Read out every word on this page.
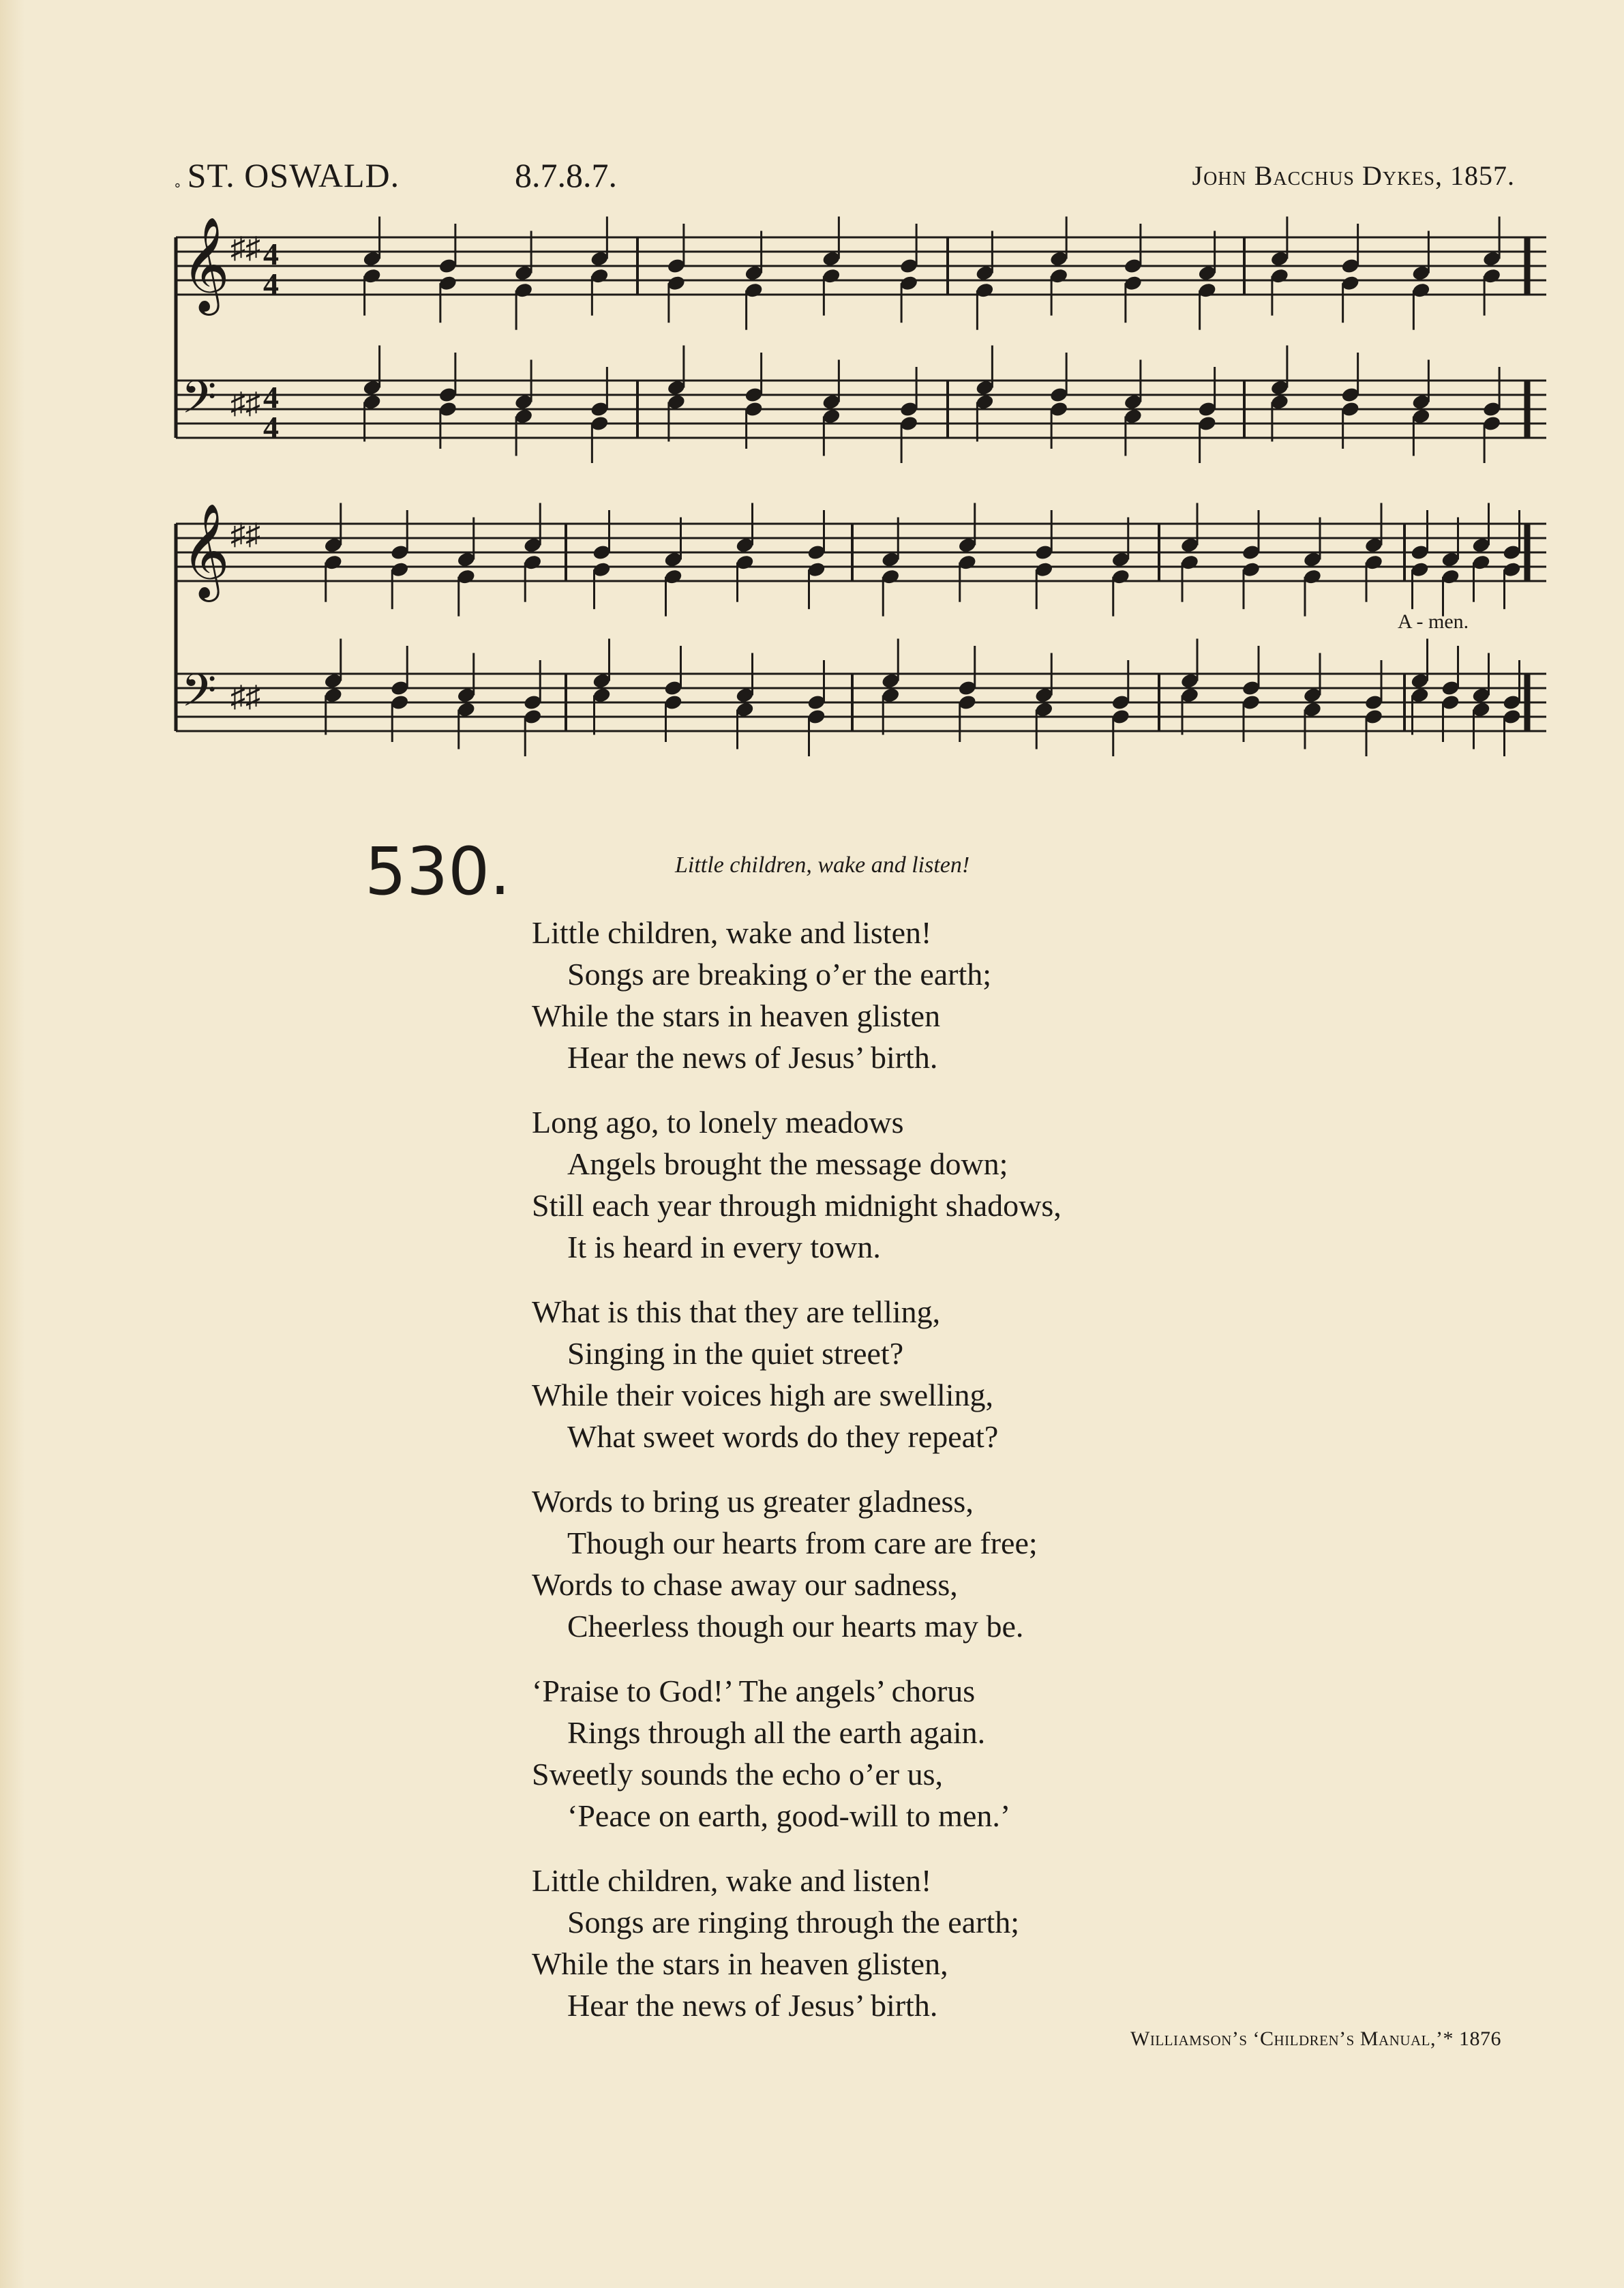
˳ ST. OSWALD.	8.7.8.7.	John Bacchus Dykes, 1857.
𝄞 ♯♯ 4
4
𝄢 ♯♯ 4
4
𝄞 ♯♯
𝄢 ♯♯
A - men.
530.	Little children, wake and listen!
Little children, wake and listen!
Songs are breaking o’er the earth;
While the stars in heaven glisten
Hear the news of Jesus’ birth.
Long ago, to lonely meadows
Angels brought the message down;
Still each year through midnight shadows,
It is heard in every town.
What is this that they are telling,
Singing in the quiet street?
While their voices high are swelling,
What sweet words do they repeat?
Words to bring us greater gladness,
Though our hearts from care are free;
Words to chase away our sadness,
Cheerless though our hearts may be.
‘Praise to God!’ The angels’ chorus
Rings through all the earth again.
Sweetly sounds the echo o’er us,
‘Peace on earth, good-will to men.’
Little children, wake and listen!
Songs are ringing through the earth;
While the stars in heaven glisten,
Hear the news of Jesus’ birth.
Williamson’s ‘Children’s Manual,’* 1876
